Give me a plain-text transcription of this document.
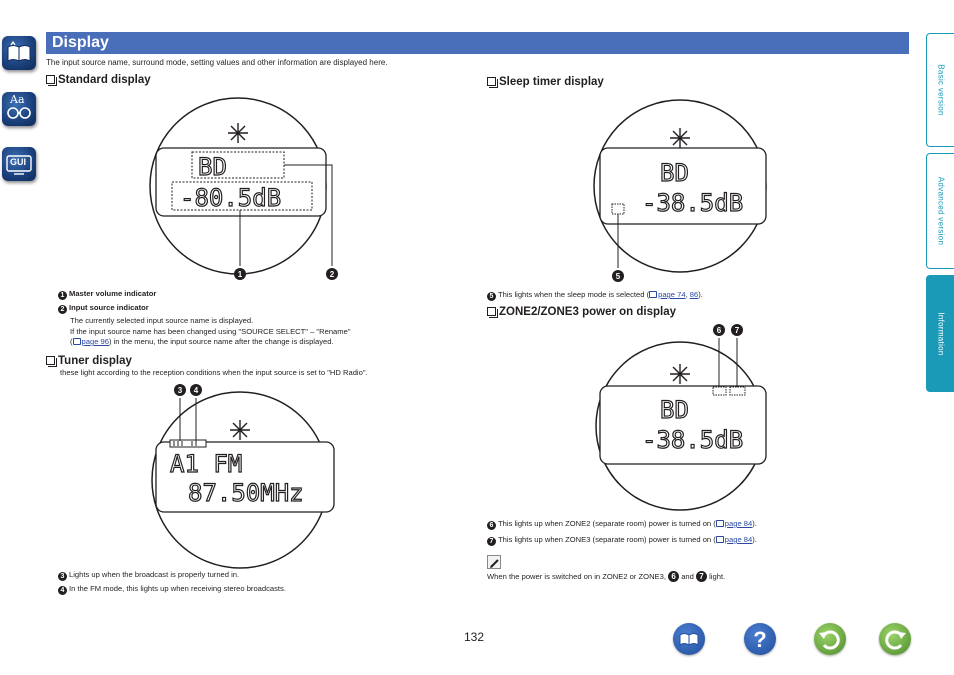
Aa
GUI
Display
The input source name, surround mode, setting values and other information are displayed here.
Standard display
BD
-80.5dB
1	2
1 Master volume indicator
2 Input source indicator
The currently selected input source name is displayed.
If the input source name has been changed using "SOURCE SELECT" – "Rename"
( page 96) in the menu, the input source name after the change is displayed.
Tuner display
these light according to the reception conditions when the input source is set to "HD Radio".
3 4
A1 FM
87.50MHz
3 Lights up when the broadcast is properly turned in.
4 In the FM mode, this lights up when receiving stereo broadcasts.
Sleep timer display
BD
-38.5dB
5
5 This lights when the sleep mode is selected ( page 74, 86).
ZONE2/ZONE3 power on display
6 7
BD
-38.5dB
6 This lights up when ZONE2 (separate room) power is turned on ( page 84).
7 This lights up when ZONE3 (separate room) power is turned on ( page 84).
When the power is switched on in ZONE2 or ZONE3, 6 and 7 light.
Basic version
Advanced version
Information
132	?
